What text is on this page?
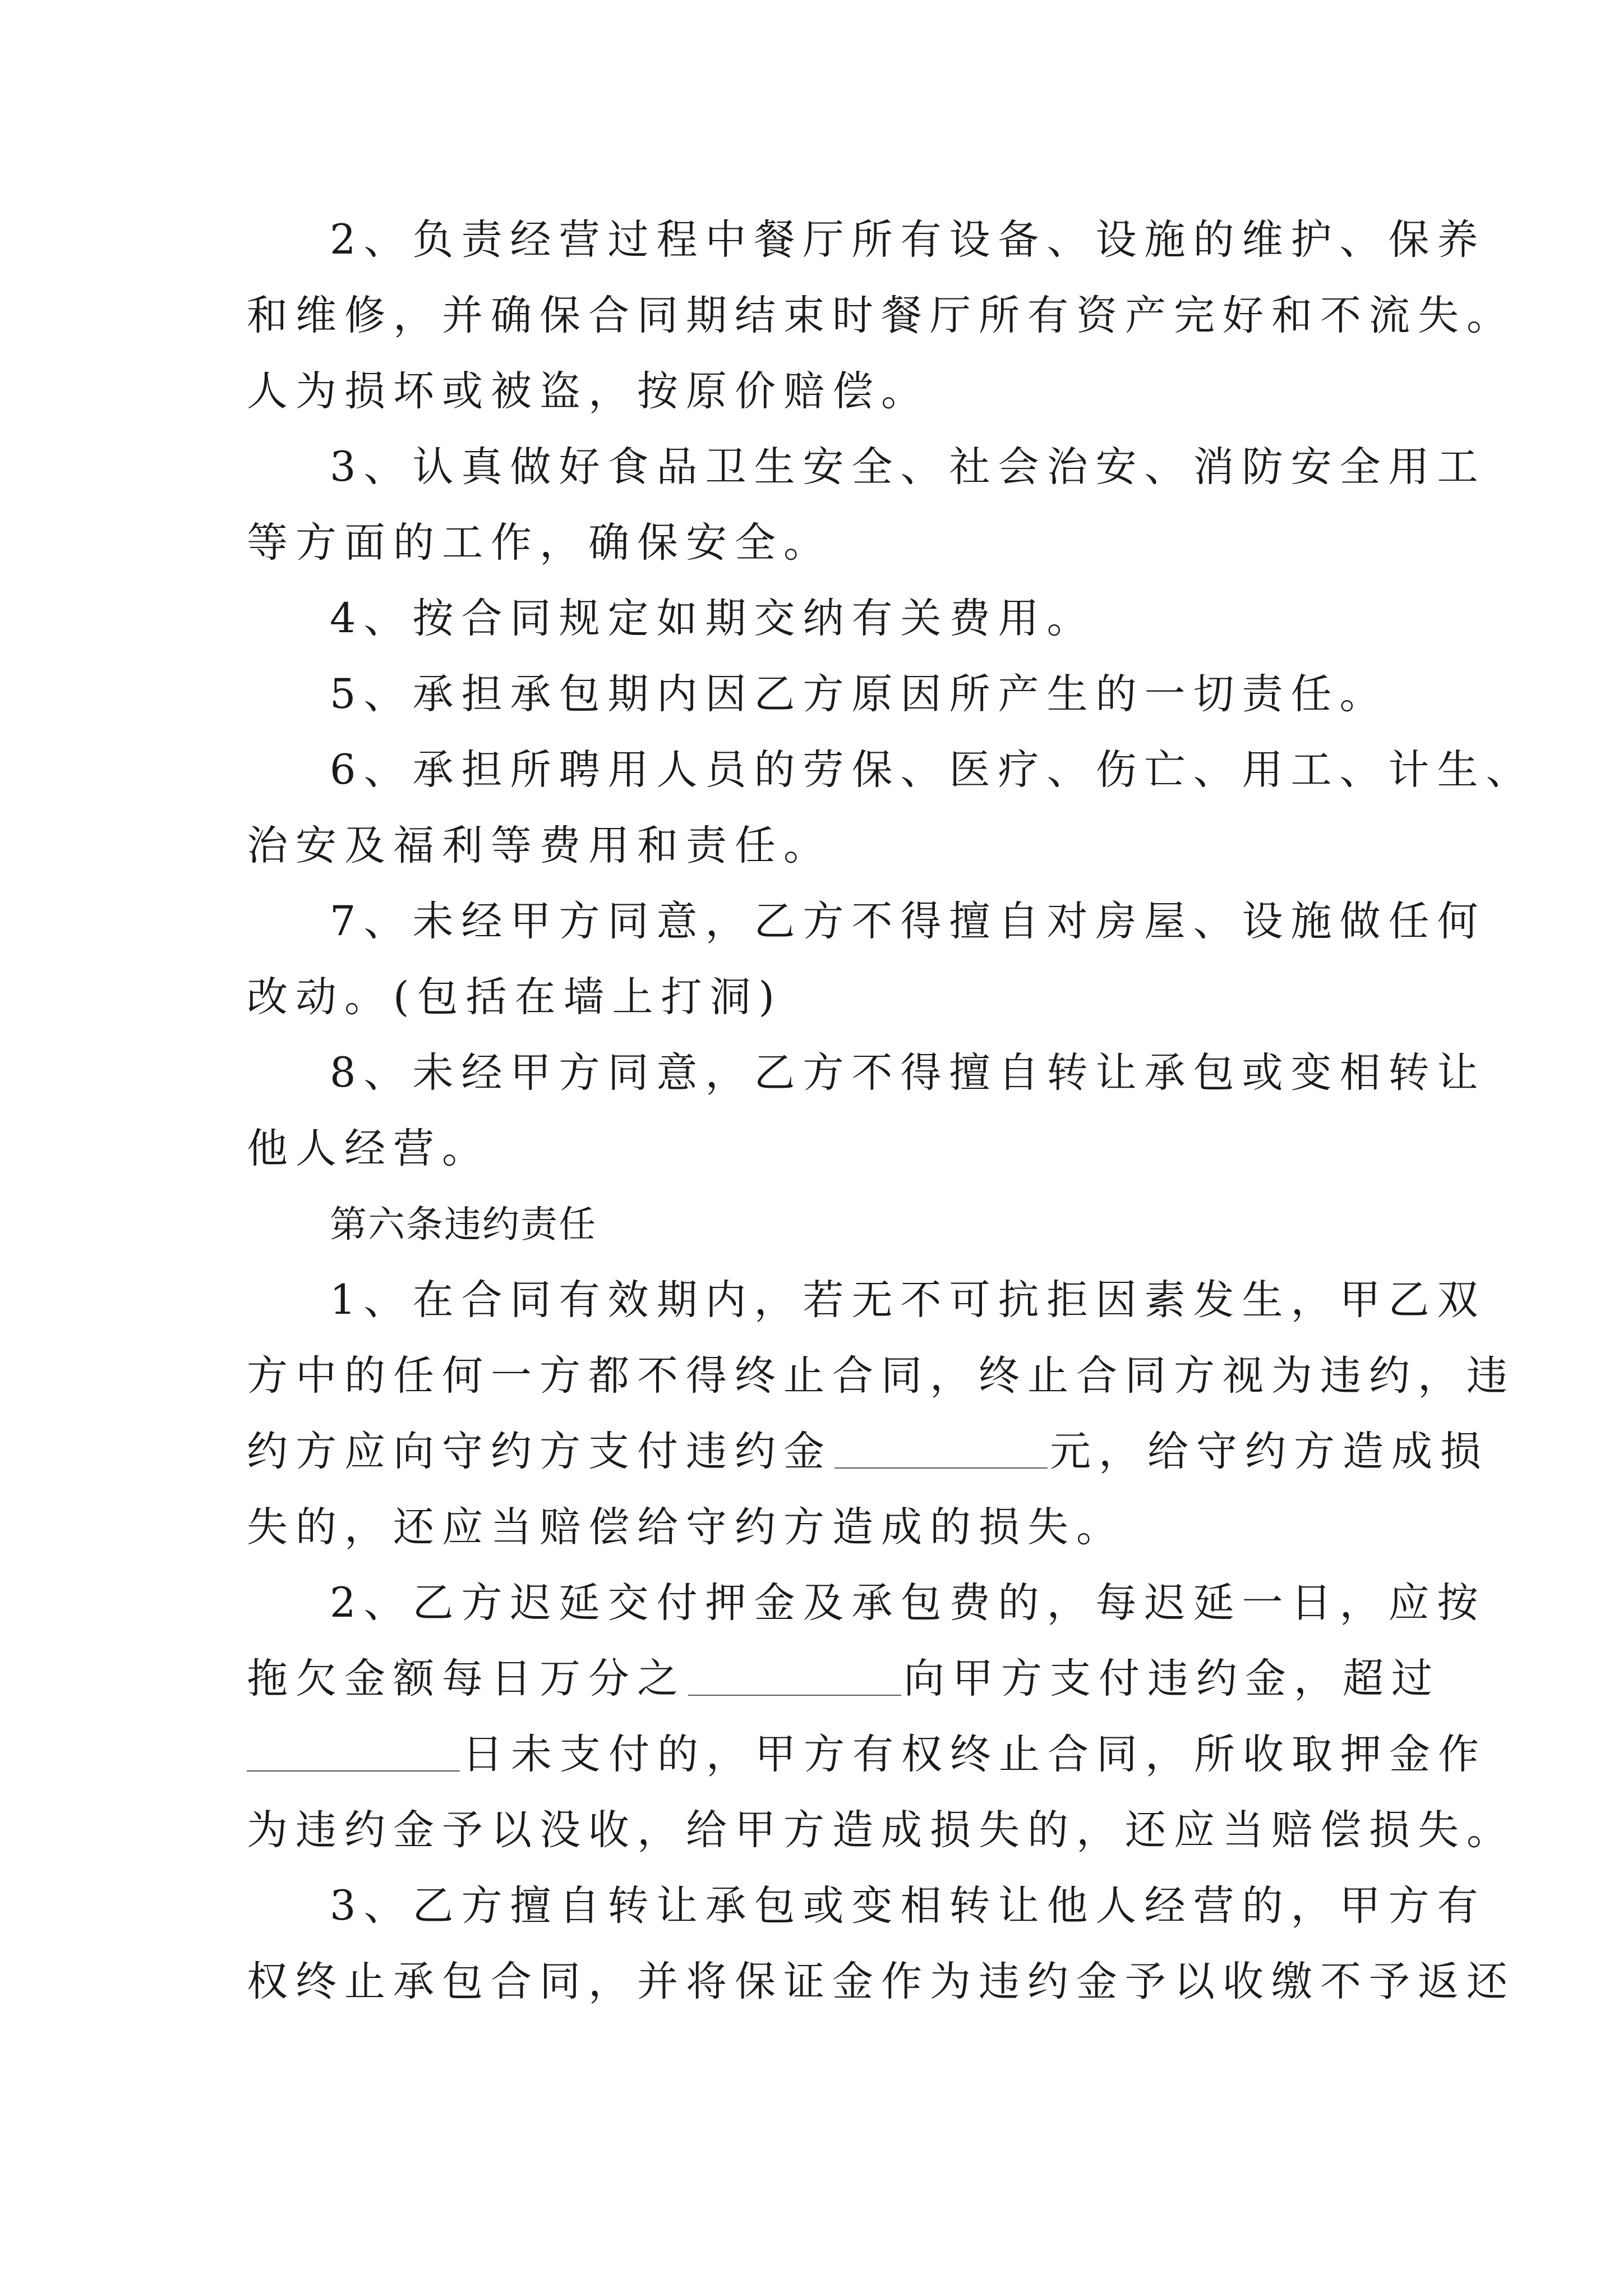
2、负责经营过程中餐厅所有设备、设施的维护、保养
和维修，并确保合同期结束时餐厅所有资产完好和不流失。
人为损坏或被盗，按原价赔偿。
3、认真做好食品卫生安全、社会治安、消防安全用工
等方面的工作，确保安全。
4、按合同规定如期交纳有关费用。
5、承担承包期内因乙方原因所产生的一切责任。
6、承担所聘用人员的劳保、医疗、伤亡、用工、计生、
治安及福利等费用和责任。
7、未经甲方同意，乙方不得擅自对房屋、设施做任何
改动。(包括在墙上打洞)
8、未经甲方同意，乙方不得擅自转让承包或变相转让
他人经营。
第六条违约责任
1、在合同有效期内，若无不可抗拒因素发生，甲乙双
方中的任何一方都不得终止合同，终止合同方视为违约，违
约方应向守约方支付违约金	元，给守约方造成损
失的，还应当赔偿给守约方造成的损失。
2、乙方迟延交付押金及承包费的，每迟延一日，应按
拖欠金额每日万分之	向甲方支付违约金，超过
日未支付的，甲方有权终止合同，所收取押金作
为违约金予以没收，给甲方造成损失的，还应当赔偿损失。
3、乙方擅自转让承包或变相转让他人经营的，甲方有
权终止承包合同，并将保证金作为违约金予以收缴不予返还
